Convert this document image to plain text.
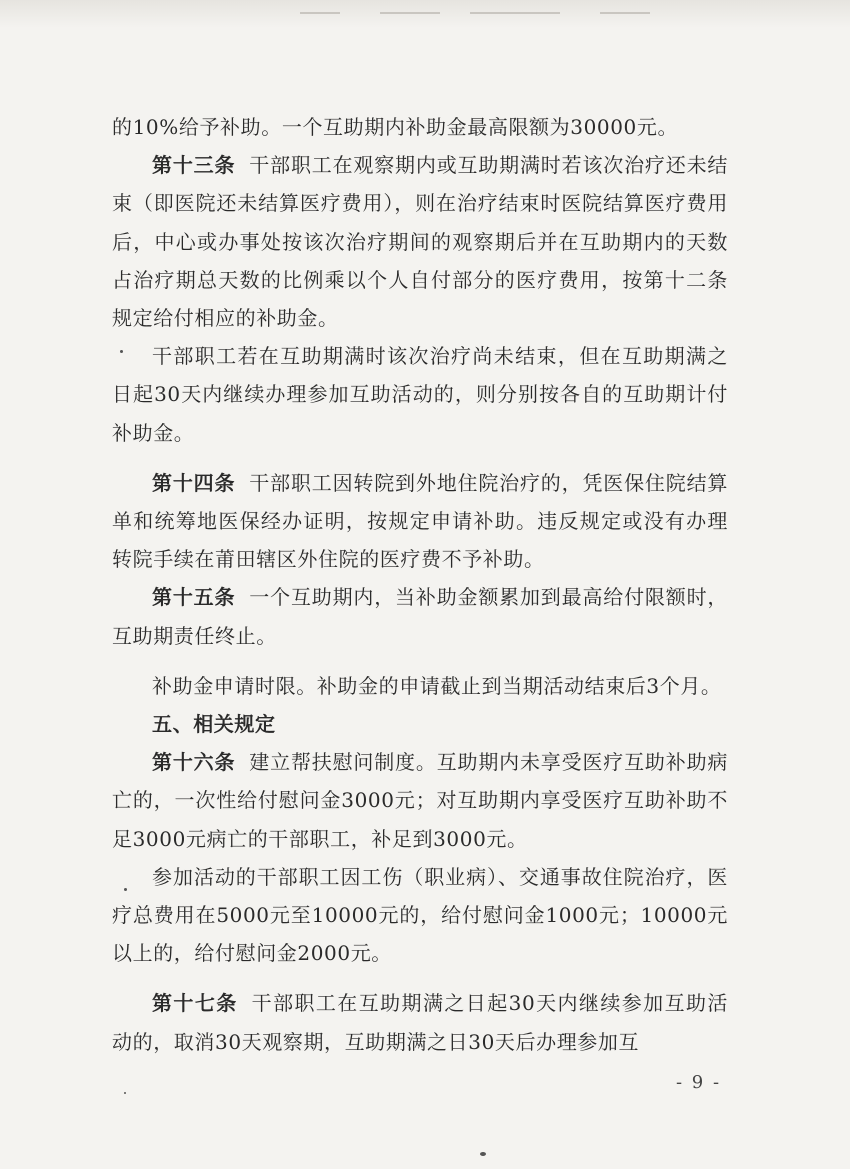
的10%给予补助。一个互助期内补助金最高限额为30000元。

第十三条 干部职工在观察期内或互助期满时若该次治疗还未结束（即医院还未结算医疗费用），则在治疗结束时医院结算医疗费用后，中心或办事处按该次治疗期间的观察期后并在互助期内的天数占治疗期总天数的比例乘以个人自付部分的医疗费用，按第十二条规定给付相应的补助金。

干部职工若在互助期满时该次治疗尚未结束，但在互助期满之日起30天内继续办理参加互助活动的，则分别按各自的互助期计付补助金。

第十四条 干部职工因转院到外地住院治疗的，凭医保住院结算单和统筹地医保经办证明，按规定申请补助。违反规定或没有办理转院手续在莆田辖区外住院的医疗费不予补助。

第十五条 一个互助期内，当补助金额累加到最高给付限额时，互助期责任终止。

补助金申请时限。补助金的申请截止到当期活动结束后3个月。

五、相关规定

第十六条 建立帮扶慰问制度。互助期内未享受医疗互助补助病亡的，一次性给付慰问金3000元；对互助期内享受医疗互助补助不足3000元病亡的干部职工，补足到3000元。

参加活动的干部职工因工伤（职业病）、交通事故住院治疗，医疗总费用在5000元至10000元的，给付慰问金1000元；10000元以上的，给付慰问金2000元。

第十七条 干部职工在互助期满之日起30天内继续参加互助活动的，取消30天观察期，互助期满之日30天后办理参加互

- 9 -
